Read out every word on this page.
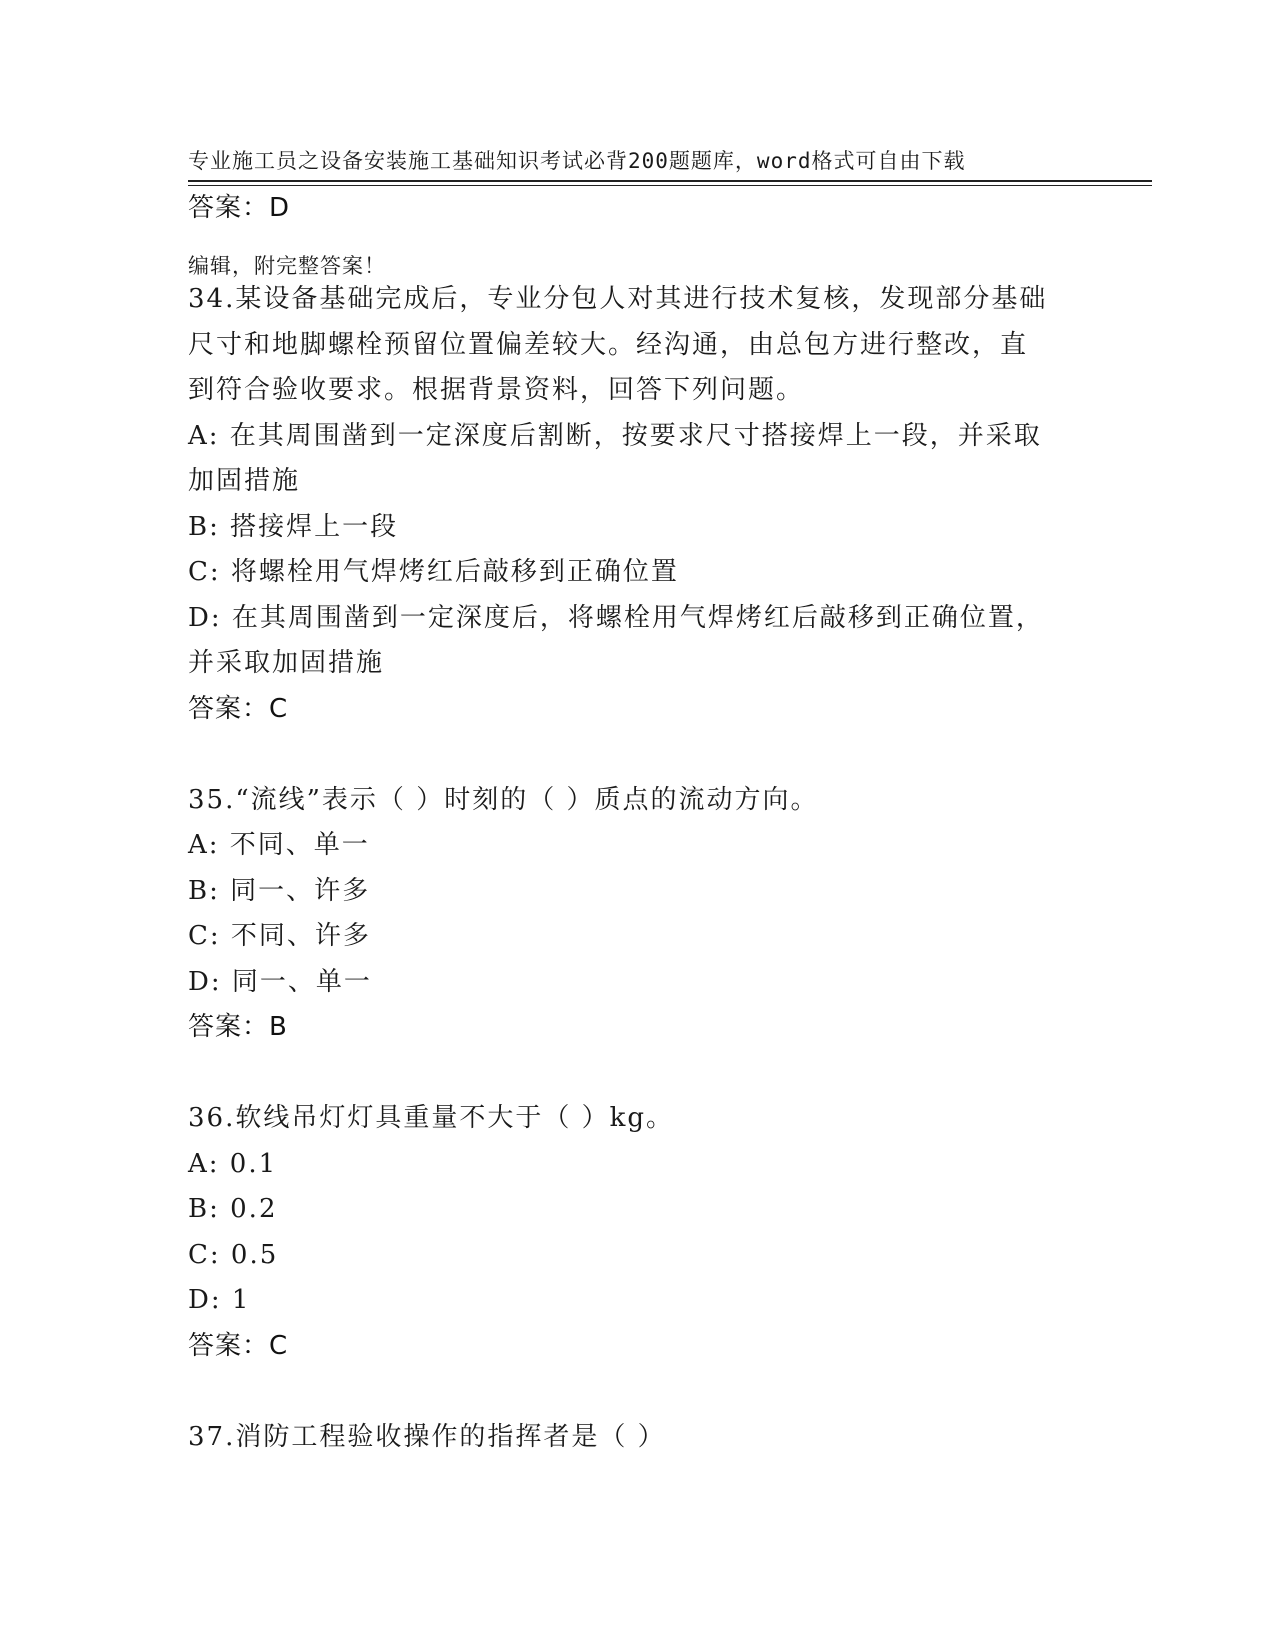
专业施工员之设备安装施工基础知识考试必背200题题库，word格式可自由下载

编辑，附完整答案！

答案：D
34.某设备基础完成后，专业分包人对其进行技术复核，发现部分基础
尺寸和地脚螺栓预留位置偏差较大。经沟通，由总包方进行整改，直
到符合验收要求。根据背景资料，回答下列问题。
A: 在其周围凿到一定深度后割断，按要求尺寸搭接焊上一段，并采取
加固措施
B: 搭接焊上一段
C: 将螺栓用气焊烤红后敲移到正确位置
D: 在其周围凿到一定深度后，将螺栓用气焊烤红后敲移到正确位置，
并采取加固措施
答案：C
35.“流线”表示（ ）时刻的（ ）质点的流动方向。
A: 不同、单一
B: 同一、许多
C: 不同、许多
D: 同一、单一
答案：B
36.软线吊灯灯具重量不大于（ ）kg。
A: 0.1
B: 0.2
C: 0.5
D: 1
答案：C
37.消防工程验收操作的指挥者是（ ）
